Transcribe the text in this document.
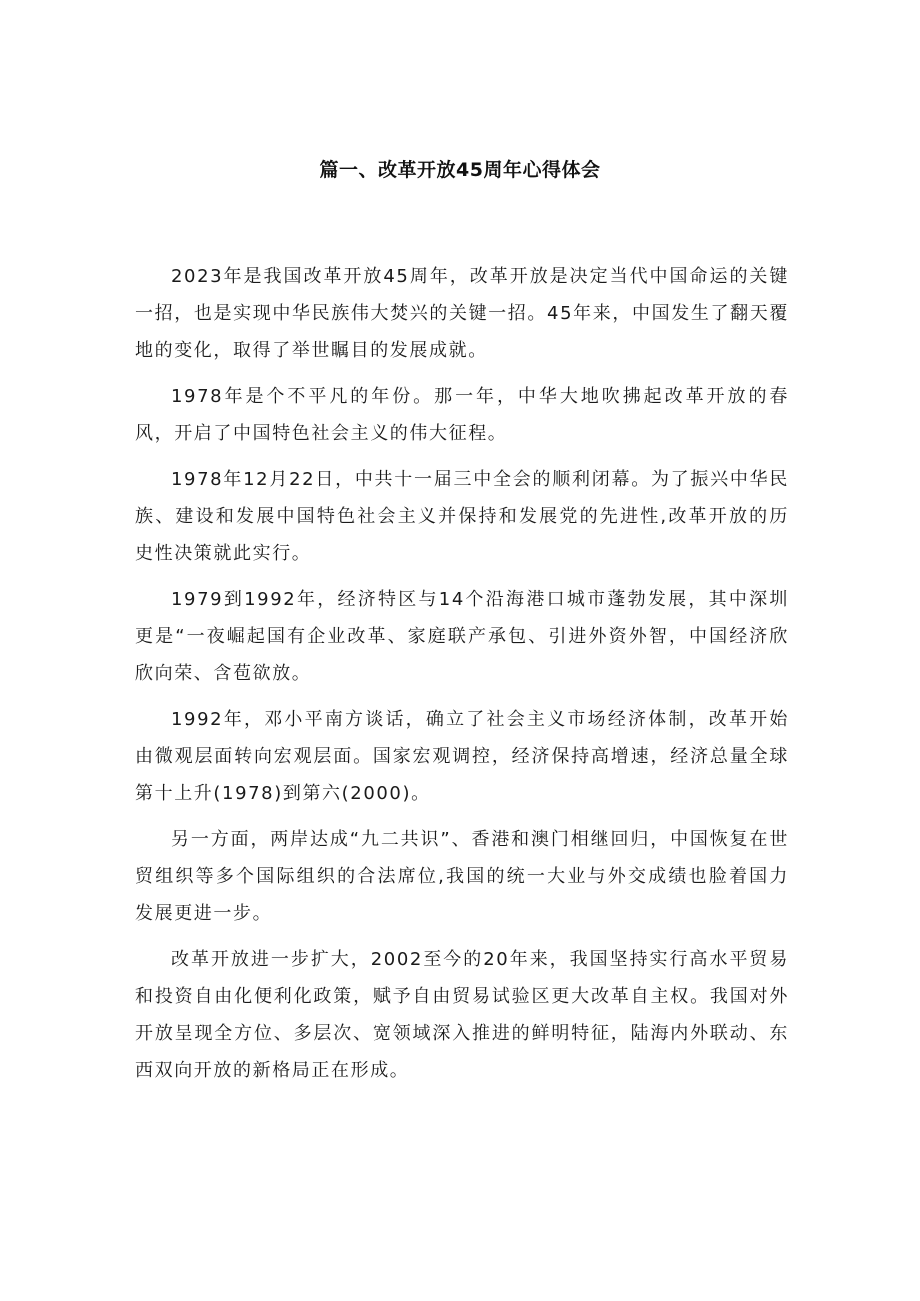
篇一、改革开放45周年心得体会

2023年是我国改革开放45周年，改革开放是决定当代中国命运的关键一招，也是实现中华民族伟大焚兴的关键一招。45年来，中国发生了翻天覆地的变化，取得了举世瞩目的发展成就。

1978年是个不平凡的年份。那一年，中华大地吹拂起改革开放的春风，开启了中国特色社会主义的伟大征程。

1978年12月22日，中共十一届三中全会的顺利闭幕。为了振兴中华民族、建设和发展中国特色社会主义并保持和发展党的先进性,改革开放的历史性决策就此实行。

1979到1992年，经济特区与14个沿海港口城市蓬勃发展，其中深圳更是“一夜崛起国有企业改革、家庭联产承包、引进外资外智，中国经济欣欣向荣、含苞欲放。

1992年，邓小平南方谈话，确立了社会主义市场经济体制，改革开始由微观层面转向宏观层面。国家宏观调控，经济保持高增速，经济总量全球第十上升(1978)到第六(2000)。

另一方面，两岸达成“九二共识”、香港和澳门相继回归，中国恢复在世贸组织等多个国际组织的合法席位,我国的统一大业与外交成绩也脸着国力发展更进一步。

改革开放进一步扩大，2002至今的20年来，我国坚持实行高水平贸易和投资自由化便利化政策，赋予自由贸易试验区更大改革自主权。我国对外开放呈现全方位、多层次、宽领域深入推进的鲜明特征，陆海内外联动、东西双向开放的新格局正在形成。
